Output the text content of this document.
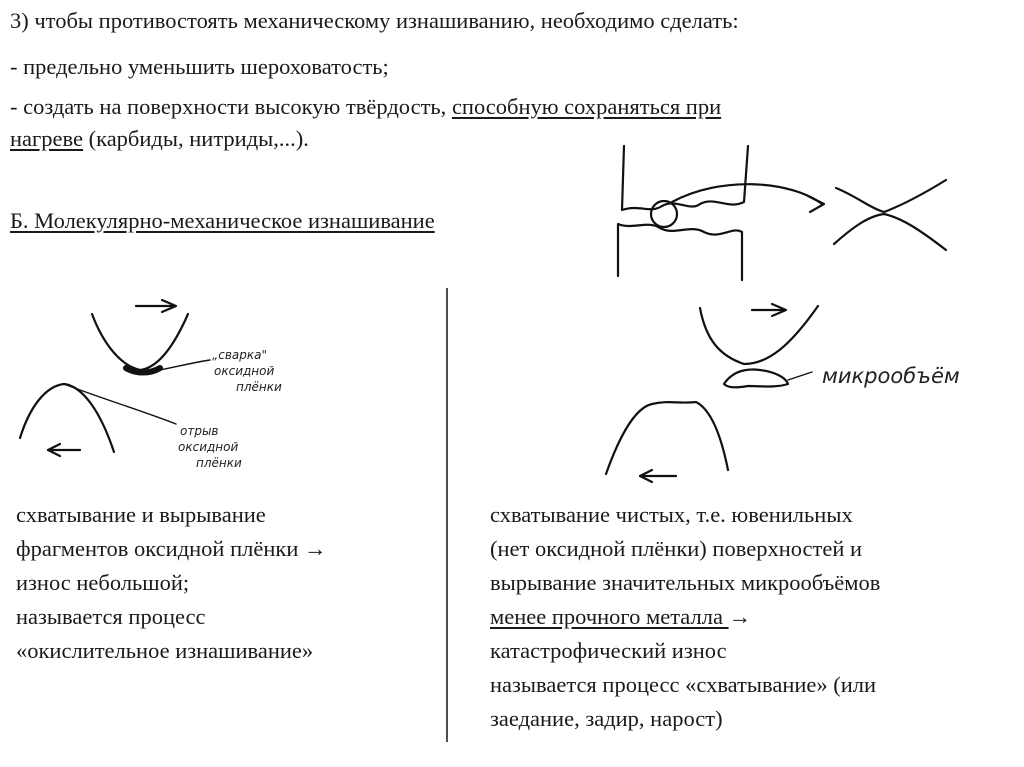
3) чтобы противостоять механическому изнашиванию, необходимо сделать:
- предельно уменьшить шероховатость;
- создать на поверхности высокую твёрдость, способную сохраняться при
нагреве (карбиды, нитриды,...).
Б. Молекулярно-механическое изнашивание
„сварка"
оксидной
плёнки
отрыв
оксидной
плёнки
микрообъём
схватывание и вырывание
фрагментов оксидной плёнки →
износ небольшой;
называется процесс
«окислительное изнашивание»
схватывание чистых, т.е. ювенильных
(нет оксидной плёнки) поверхностей и
вырывание значительных микрообъёмов
менее прочного металла →
катастрофический износ
называется процесс «схватывание» (или
заедание, задир, нарост)
